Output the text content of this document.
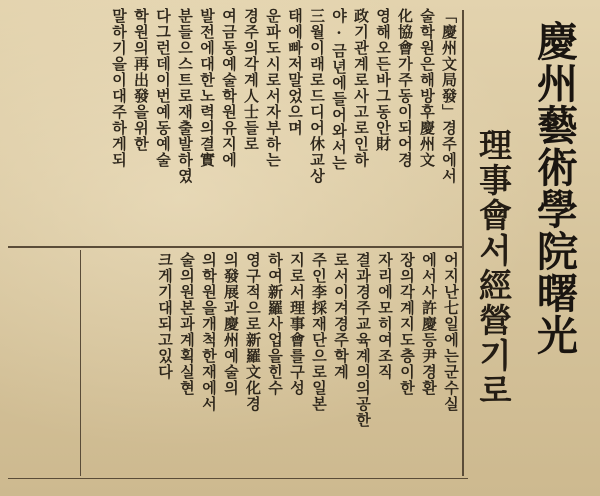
慶州藝術學院曙光
理事會서經營기로
「慶州文局發」경주에서
술학원은해방후慶州文
化協會가주동이되어경
영해오든바그동안財
政기관계로사고로인하
야·금년에들어와서는
三월이래로드디어休교상
태에빠저말었으며
운파도시로서자부하는
경주의각계人士들로
여금동예술학원유지에
발전에대한노력의결實
분들으스트로재출발하였
다그런데이번예동예술
학원의再出發을위한
말하기을이대주하게되
어지난七일에는군수실
에서사許慶등尹경환
장의각계지도층이한
자리에모히여조직
결과경주교육계의의공한
로서이겨경주학계
주인李採재단으로일본
지로서理事會를구성
하여新羅사업을힌수
영구적으로新羅文化경
의發展과慶州예술의
의학원을개척한재에서
술의원본과계획실현
크게기대되고있다
